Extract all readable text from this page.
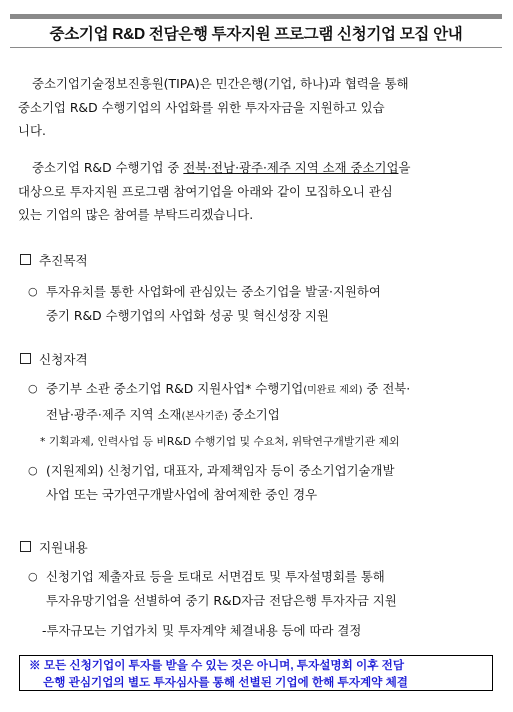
중소기업 R&D 전담은행 투자지원 프로그램 신청기업 모집 안내
중소기업기술정보진흥원(TIPA)은 민간은행(기업, 하나)과 협력을 통해
중소기업 R&D 수행기업의 사업화를 위한 투자자금을 지원하고 있습
니다.
중소기업 R&D 수행기업 중 전북·전남·광주·제주 지역 소재 중소기업을
대상으로 투자지원 프로그램 참여기업을 아래와 같이 모집하오니 관심
있는 기업의 많은 참여를 부탁드리겠습니다.
추진목적
○ 투자유치를 통한 사업화에 관심있는 중소기업을 발굴·지원하여
중기 R&D 수행기업의 사업화 성공 및 혁신성장 지원
신청자격
○ 중기부 소관 중소기업 R&D 지원사업* 수행기업(미완료 제외) 중 전북·
전남·광주·제주 지역 소재(본사기준) 중소기업
* 기획과제, 인력사업 등 비R&D 수행기업 및 수요처, 위탁연구개발기관 제외
○ (지원제외) 신청기업, 대표자, 과제책임자 등이 중소기업기술개발
사업 또는 국가연구개발사업에 참여제한 중인 경우
지원내용
○ 신청기업 제출자료 등을 토대로 서면검토 및 투자설명회를 통해
투자유망기업을 선별하여 중기 R&D자금 전담은행 투자자금 지원
-투자규모는 기업가치 및 투자계약 체결내용 등에 따라 결정
※ 모든 신청기업이 투자를 받을 수 있는 것은 아니며, 투자설명회 이후 전담
은행 관심기업의 별도 투자심사를 통해 선별된 기업에 한해 투자계약 체결
